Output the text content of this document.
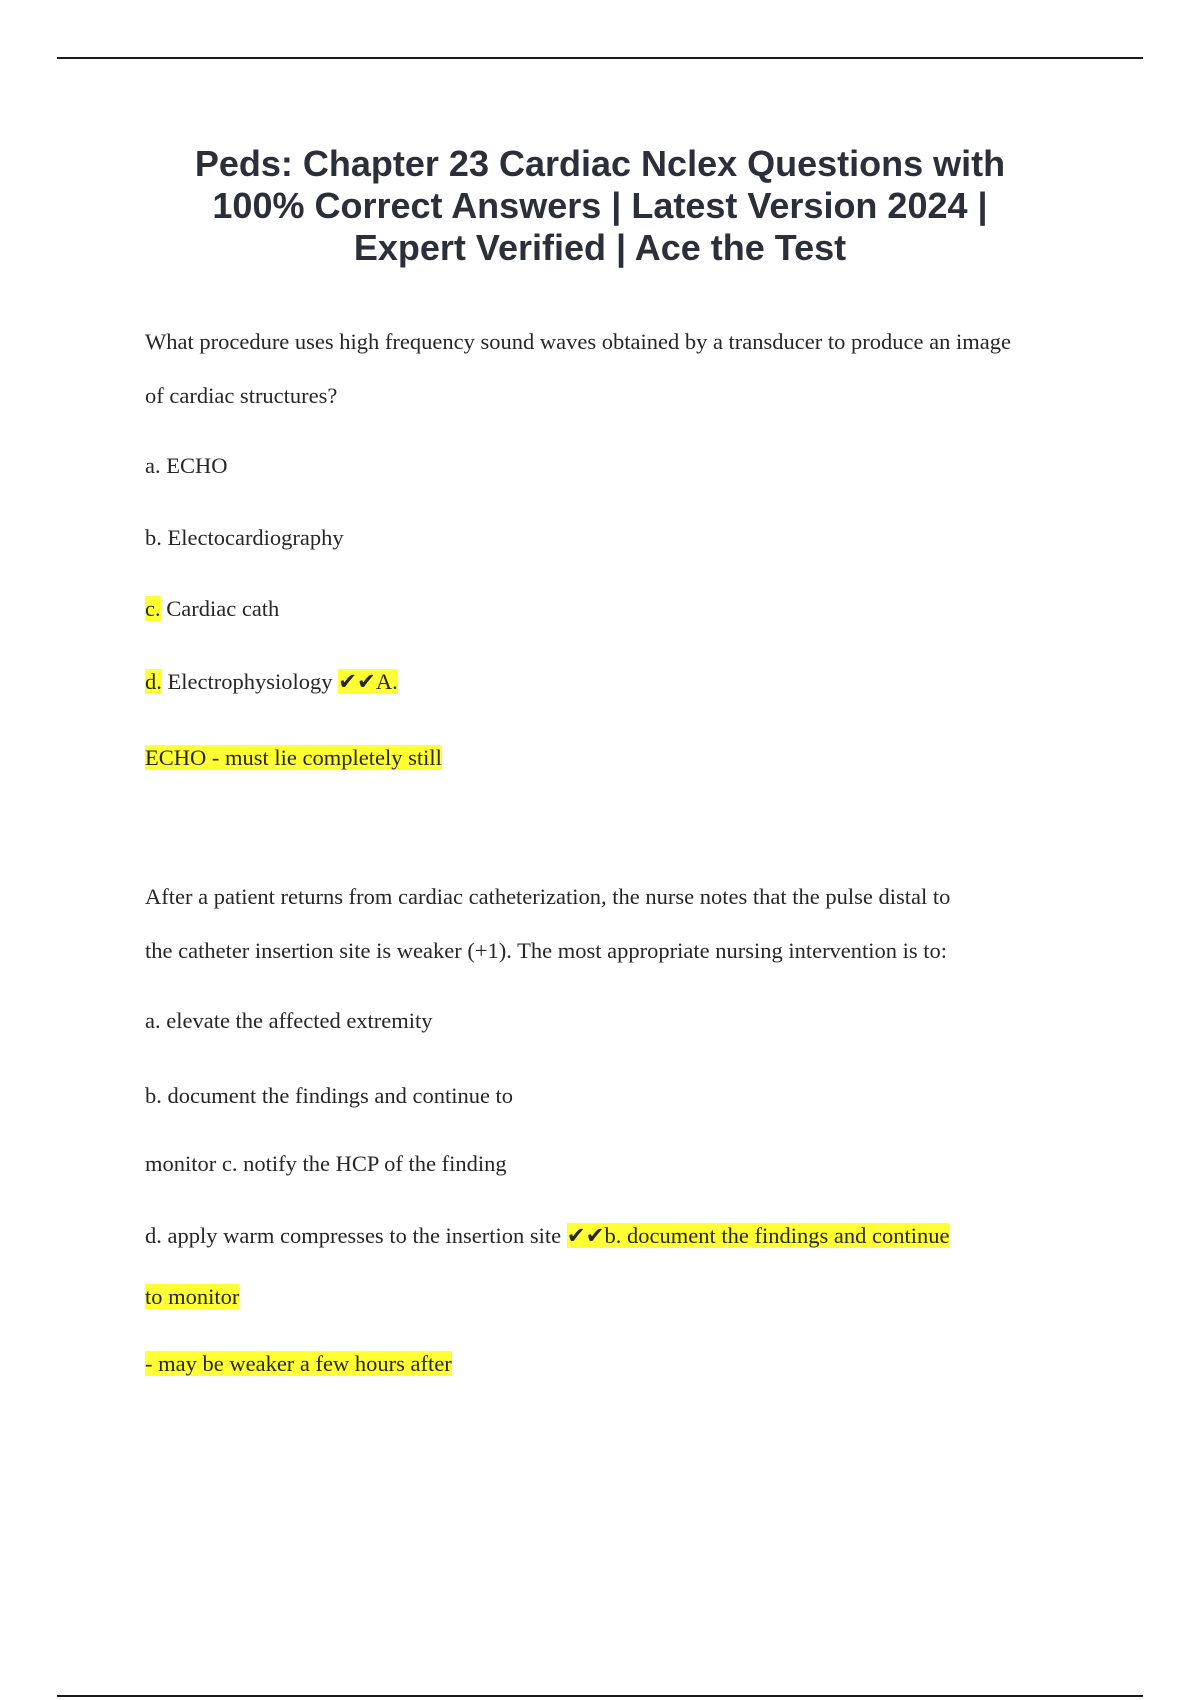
Peds: Chapter 23 Cardiac Nclex Questions with
100% Correct Answers | Latest Version 2024 |
Expert Verified | Ace the Test
What procedure uses high frequency sound waves obtained by a transducer to produce an image
of cardiac structures?
a. ECHO
b. Electocardiography
c. Cardiac cath
d. Electrophysiology ✔✔A.
ECHO - must lie completely still
After a patient returns from cardiac catheterization, the nurse notes that the pulse distal to
the catheter insertion site is weaker (+1). The most appropriate nursing intervention is to:
a. elevate the affected extremity
b. document the findings and continue to
monitor c. notify the HCP of the finding
d. apply warm compresses to the insertion site ✔✔b. document the findings and continue
to monitor
- may be weaker a few hours after
